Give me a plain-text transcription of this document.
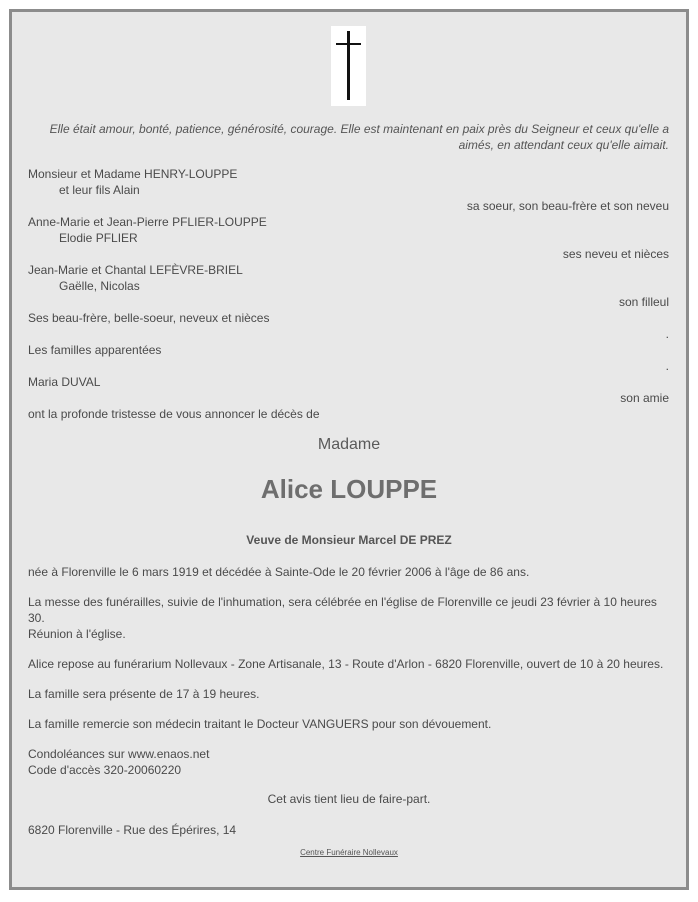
Elle était amour, bonté, patience, générosité, courage. Elle est maintenant en paix près du Seigneur et ceux qu'elle a aimés, en attendant ceux qu'elle aimait.
Monsieur et Madame HENRY-LOUPPE
et leur fils Alain
sa soeur, son beau-frère et son neveu
Anne-Marie et Jean-Pierre PFLIER-LOUPPE
Elodie PFLIER
ses neveu et nièces
Jean-Marie et Chantal LEFÈVRE-BRIEL
Gaëlle, Nicolas
son filleul
Ses beau-frère, belle-soeur, neveux et nièces
.
Les familles apparentées
.
Maria DUVAL
son amie
ont la profonde tristesse de vous annoncer le décès de
Madame
Alice LOUPPE
Veuve de Monsieur Marcel DE PREZ
née à Florenville le 6 mars 1919 et décédée à Sainte-Ode le 20 février 2006 à l'âge de 86 ans.
La messe des funérailles, suivie de l'inhumation, sera célébrée en l'église de Florenville ce jeudi 23 février à 10 heures 30.
Réunion à l'église.
Alice repose au funérarium Nollevaux - Zone Artisanale, 13 - Route d'Arlon - 6820 Florenville, ouvert de 10 à 20 heures.
La famille sera présente de 17 à 19 heures.
La famille remercie son médecin traitant le Docteur VANGUERS pour son dévouement.
Condoléances sur www.enaos.net
Code d'accès 320-20060220
Cet avis tient lieu de faire-part.
6820 Florenville - Rue des Épérires, 14
Centre Funéraire Nollevaux
